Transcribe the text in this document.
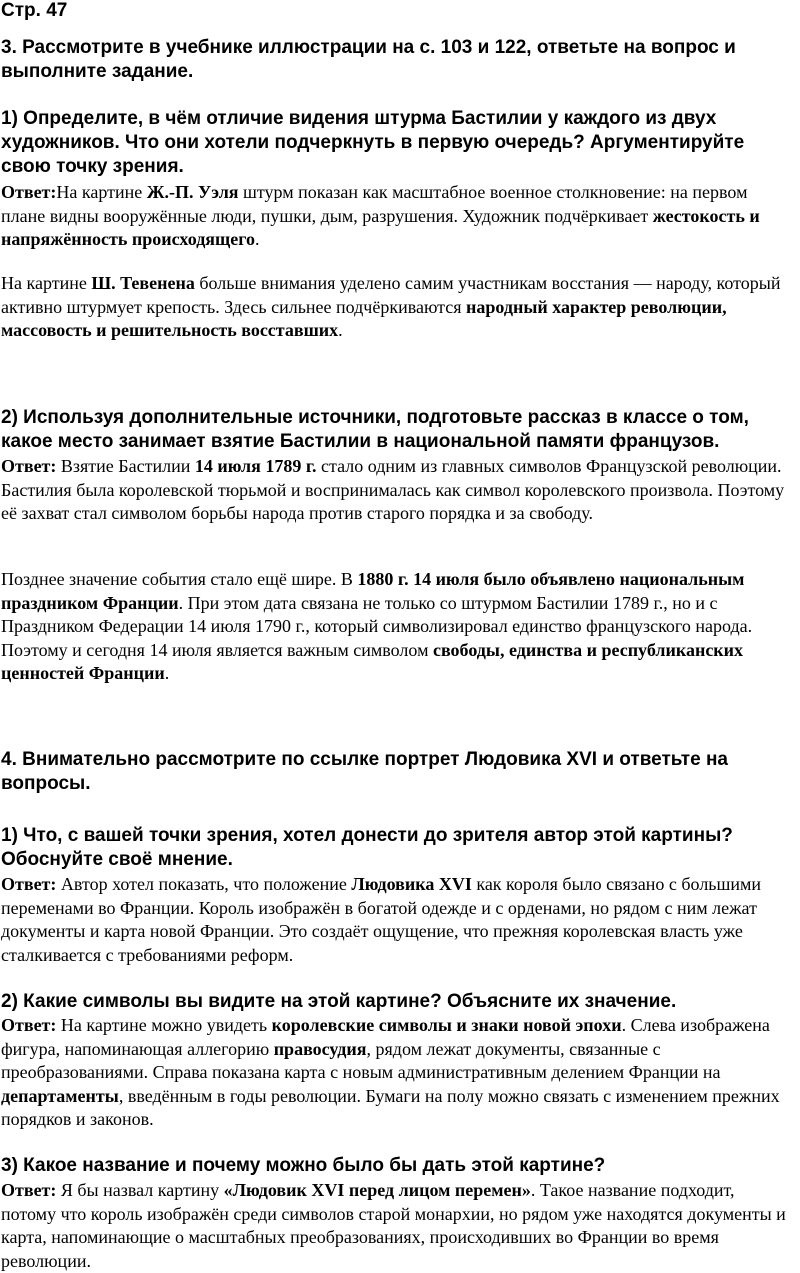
Стр. 47
3. Рассмотрите в учебнике иллюстрации на с. 103 и 122, ответьте на вопрос и выполните задание.
1) Определите, в чём отличие видения штурма Бастилии у каждого из двух художников. Что они хотели подчеркнуть в первую очередь? Аргументируйте свою точку зрения.

Ответ:На картине Ж.-П. Уэля штурм показан как масштабное военное столкновение: на первом плане видны вооружённые люди, пушки, дым, разрушения. Художник подчёркивает жестокость и напряжённость происходящего.

На картине Ш. Тевенена больше внимания уделено самим участникам восстания — народу, который активно штурмует крепость. Здесь сильнее подчёркиваются народный характер революции, массовость и решительность восставших.

2) Используя дополнительные источники, подготовьте рассказ в классе о том, какое место занимает взятие Бастилии в национальной памяти французов.

Ответ: Взятие Бастилии 14 июля 1789 г. стало одним из главных символов Французской революции. Бастилия была королевской тюрьмой и воспринималась как символ королевского произвола. Поэтому её захват стал символом борьбы народа против старого порядка и за свободу.

Позднее значение события стало ещё шире. В 1880 г. 14 июля было объявлено национальным праздником Франции. При этом дата связана не только со штурмом Бастилии 1789 г., но и с Праздником Федерации 14 июля 1790 г., который символизировал единство французского народа. Поэтому и сегодня 14 июля является важным символом свободы, единства и республиканских ценностей Франции.

4. Внимательно рассмотрите по ссылке портрет Людовика XVI и ответьте на вопросы.
1) Что, с вашей точки зрения, хотел донести до зрителя автор этой картины? Обоснуйте своё мнение.

Ответ: Автор хотел показать, что положение Людовика XVI как короля было связано с большими переменами во Франции. Король изображён в богатой одежде и с орденами, но рядом с ним лежат документы и карта новой Франции. Это создаёт ощущение, что прежняя королевская власть уже сталкивается с требованиями реформ.

2) Какие символы вы видите на этой картине? Объясните их значение.

Ответ: На картине можно увидеть королевские символы и знаки новой эпохи. Слева изображена фигура, напоминающая аллегорию правосудия, рядом лежат документы, связанные с преобразованиями. Справа показана карта с новым административным делением Франции на департаменты, введённым в годы революции. Бумаги на полу можно связать с изменением прежних порядков и законов.

3) Какое название и почему можно было бы дать этой картине?

Ответ: Я бы назвал картину «Людовик XVI перед лицом перемен». Такое название подходит, потому что король изображён среди символов старой монархии, но рядом уже находятся документы и карта, напоминающие о масштабных преобразованиях, происходивших во Франции во время революции.
